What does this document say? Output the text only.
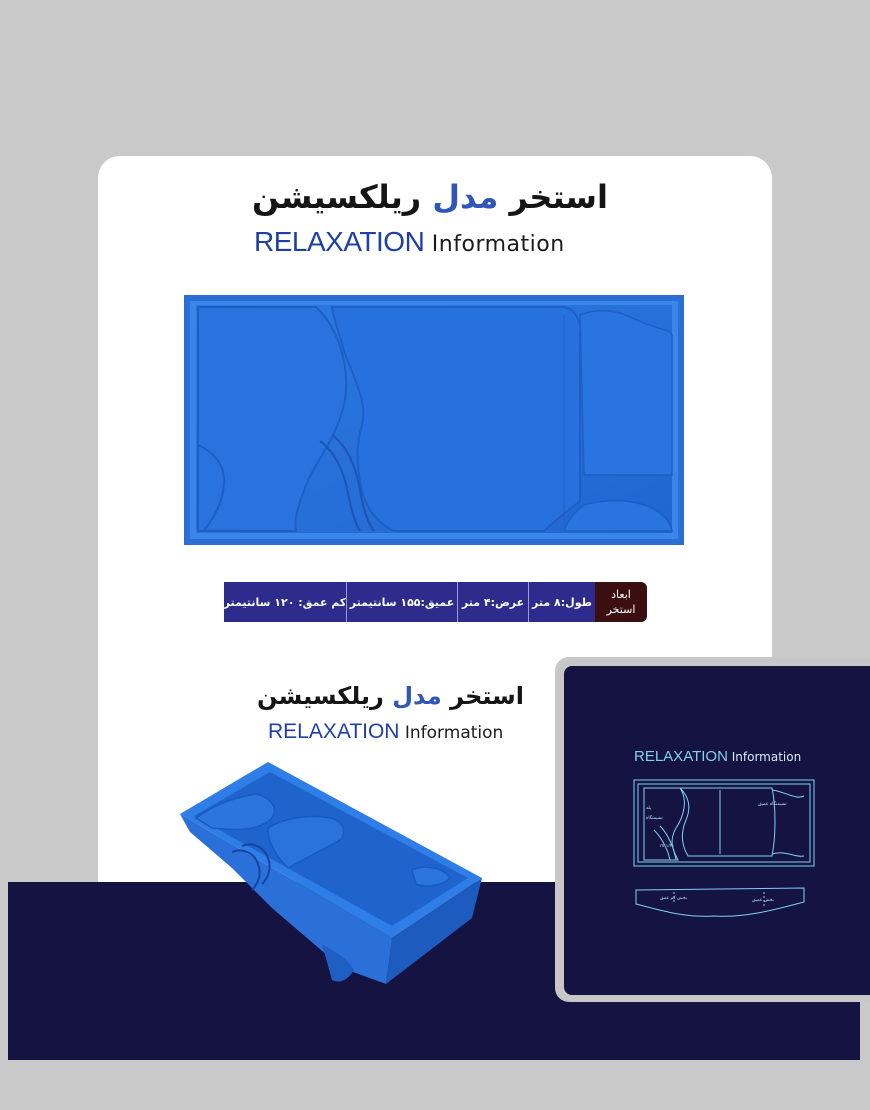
استخر مدل ریلکسیشن
RELAXATION Information
ابعاد
استخر
طول:۸ متر
عرض:۴ متر
عمیق:۱۵۵ سانتیمتر
کم عمق: ۱۲۰ سانتیمتر
استخر مدل ریلکسیشن
RELAXATION Information
RELAXATION Information
پله
نشیمنگاه عمیق
نشیمنگاه
۱/۲۰ m
بخش کم عمق	بخش عمیق
